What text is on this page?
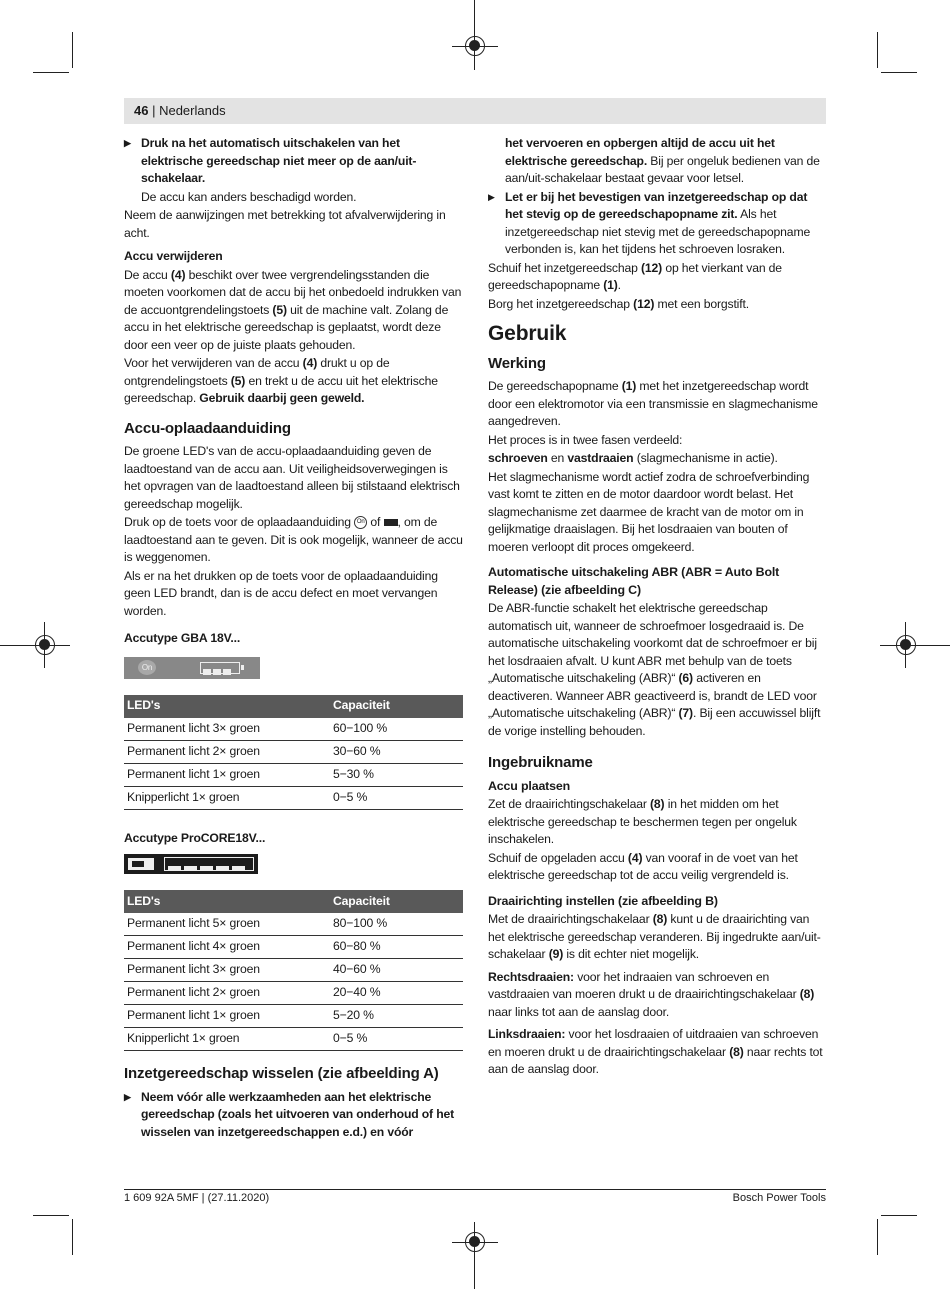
46 | Nederlands

▶ Druk na het automatisch uitschakelen van het elektrische gereedschap niet meer op de aan/uit-schakelaar.

De accu kan anders beschadigd worden.

Neem de aanwijzingen met betrekking tot afvalverwijdering in acht.

Accu verwijderen

De accu (4) beschikt over twee vergrendelingsstanden die moeten voorkomen dat de accu bij het onbedoeld indrukken van de accuontgrendelingstoets (5) uit de machine valt. Zolang de accu in het elektrische gereedschap is geplaatst, wordt deze door een veer op de juiste plaats gehouden.

Voor het verwijderen van de accu (4) drukt u op de ontgrendelingstoets (5) en trekt u de accu uit het elektrische gereedschap. Gebruik daarbij geen geweld.

Accu-oplaadaanduiding

De groene LED's van de accu-oplaadaanduiding geven de laadtoestand van de accu aan. Uit veiligheidsoverwegingen is het opvragen van de laadtoestand alleen bij stilstaand elektrisch gereedschap mogelijk.

Druk op de toets voor de oplaadaanduiding On of , om de laadtoestand aan te geven. Dit is ook mogelijk, wanneer de accu is weggenomen.

Als er na het drukken op de toets voor de oplaadaanduiding geen LED brandt, dan is de accu defect en moet vervangen worden.

Accutype GBA 18V...

On
LED's	Capaciteit
Permanent licht 3× groen	60−100 %
Permanent licht 2× groen	30−60 %
Permanent licht 1× groen	5−30 %
Knipperlicht 1× groen	0−5 %

Accutype ProCORE18V...

LED's	Capaciteit
Permanent licht 5× groen	80−100 %
Permanent licht 4× groen	60−80 %
Permanent licht 3× groen	40−60 %
Permanent licht 2× groen	20−40 %
Permanent licht 1× groen	5−20 %
Knipperlicht 1× groen	0−5 %

Inzetgereedschap wisselen (zie afbeelding A)

▶ Neem vóór alle werkzaamheden aan het elektrische gereedschap (zoals het uitvoeren van onderhoud of het wisselen van inzetgereedschappen e.d.) en vóór

het vervoeren en opbergen altijd de accu uit het elektrische gereedschap. Bij per ongeluk bedienen van de aan/uit-schakelaar bestaat gevaar voor letsel.

▶ Let er bij het bevestigen van inzetgereedschap op dat het stevig op de gereedschapopname zit. Als het inzetgereedschap niet stevig met de gereedschapopname verbonden is, kan het tijdens het schroeven losraken.

Schuif het inzetgereedschap (12) op het vierkant van de gereedschapopname (1).

Borg het inzetgereedschap (12) met een borgstift.

Gebruik

Werking

De gereedschapopname (1) met het inzetgereedschap wordt door een elektromotor via een transmissie en slagmechanisme aangedreven.

Het proces is in twee fasen verdeeld:

schroeven en vastdraaien (slagmechanisme in actie).

Het slagmechanisme wordt actief zodra de schroefverbinding vast komt te zitten en de motor daardoor wordt belast. Het slagmechanisme zet daarmee de kracht van de motor om in gelijkmatige draaislagen. Bij het losdraaien van bouten of moeren verloopt dit proces omgekeerd.

Automatische uitschakeling ABR (ABR = Auto Bolt Release) (zie afbeelding C)

De ABR-functie schakelt het elektrische gereedschap automatisch uit, wanneer de schroefmoer losgedraaid is. De automatische uitschakeling voorkomt dat de schroefmoer er bij het losdraaien afvalt. U kunt ABR met behulp van de toets „Automatische uitschakeling (ABR)“ (6) activeren en deactiveren. Wanneer ABR geactiveerd is, brandt de LED voor „Automatische uitschakeling (ABR)“ (7). Bij een accuwissel blijft de vorige instelling behouden.

Ingebruikname

Accu plaatsen

Zet de draairichtingschakelaar (8) in het midden om het elektrische gereedschap te beschermen tegen per ongeluk inschakelen.

Schuif de opgeladen accu (4) van vooraf in de voet van het elektrische gereedschap tot de accu veilig vergrendeld is.

Draairichting instellen (zie afbeelding B)

Met de draairichtingschakelaar (8) kunt u de draairichting van het elektrische gereedschap veranderen. Bij ingedrukte aan/uit-schakelaar (9) is dit echter niet mogelijk.

Rechtsdraaien: voor het indraaien van schroeven en vastdraaien van moeren drukt u de draairichtingschakelaar (8) naar links tot aan de aanslag door.

Linksdraaien: voor het losdraaien of uitdraaien van schroeven en moeren drukt u de draairichtingschakelaar (8) naar rechts tot aan de aanslag door.

1 609 92A 5MF | (27.11.2020)	Bosch Power Tools
